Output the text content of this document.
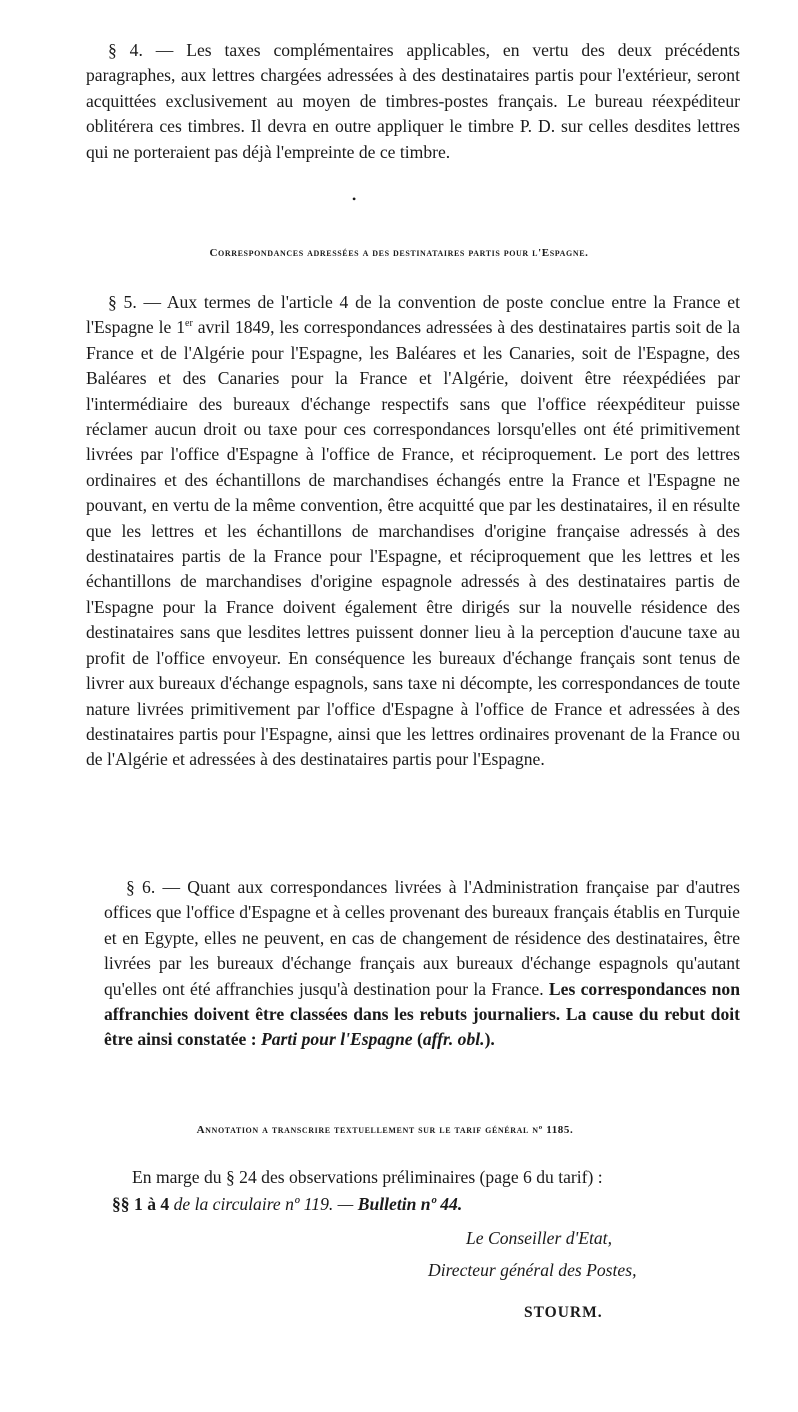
§ 4. — Les taxes complémentaires applicables, en vertu des deux précédents paragraphes, aux lettres chargées adressées à des destinataires partis pour l'extérieur, seront acquittées exclusivement au moyen de timbres-postes français. Le bureau réexpéditeur oblitérera ces timbres. Il devra en outre appliquer le timbre P. D. sur celles desdites lettres qui ne porteraient pas déjà l'empreinte de ce timbre.

•
Correspondances adressées a des destinataires partis pour l'Espagne.

§ 5. — Aux termes de l'article 4 de la convention de poste conclue entre la France et l'Espagne le 1er avril 1849, les correspondances adressées à des destinataires partis soit de la France et de l'Algérie pour l'Espagne, les Baléares et les Canaries, soit de l'Espagne, des Baléares et des Canaries pour la France et l'Algérie, doivent être réexpédiées par l'intermédiaire des bureaux d'échange respectifs sans que l'office réexpéditeur puisse réclamer aucun droit ou taxe pour ces correspondances lorsqu'elles ont été primitivement livrées par l'office d'Espagne à l'office de France, et réciproquement. Le port des lettres ordinaires et des échantillons de marchandises échangés entre la France et l'Espagne ne pouvant, en vertu de la même convention, être acquitté que par les destinataires, il en résulte que les lettres et les échantillons de marchandises d'origine française adressés à des destinataires partis de la France pour l'Espagne, et réciproquement que les lettres et les échantillons de marchandises d'origine espagnole adressés à des destinataires partis de l'Espagne pour la France doivent également être dirigés sur la nouvelle résidence des destinataires sans que lesdites lettres puissent donner lieu à la perception d'aucune taxe au profit de l'office envoyeur. En conséquence les bureaux d'échange français sont tenus de livrer aux bureaux d'échange espagnols, sans taxe ni décompte, les correspondances de toute nature livrées primitivement par l'office d'Espagne à l'office de France et adressées à des destinataires partis pour l'Espagne, ainsi que les lettres ordinaires provenant de la France ou de l'Algérie et adressées à des destinataires partis pour l'Espagne.

§ 6. — Quant aux correspondances livrées à l'Administration française par d'autres offices que l'office d'Espagne et à celles provenant des bureaux français établis en Turquie et en Egypte, elles ne peuvent, en cas de changement de résidence des destinataires, être livrées par les bureaux d'échange français aux bureaux d'échange espagnols qu'autant qu'elles ont été affranchies jusqu'à destination pour la France. Les correspondances non affranchies doivent être classées dans les rebuts journaliers. La cause du rebut doit être ainsi constatée : Parti pour l'Espagne (affr. obl.).

Annotation a transcrire textuellement sur le tarif général nº 1185.

En marge du § 24 des observations préliminaires (page 6 du tarif) :

§§ 1 à 4 de la circulaire nº 119. — Bulletin nº 44.

Le Conseiller d'Etat,
Directeur général des Postes,
STOURM.
